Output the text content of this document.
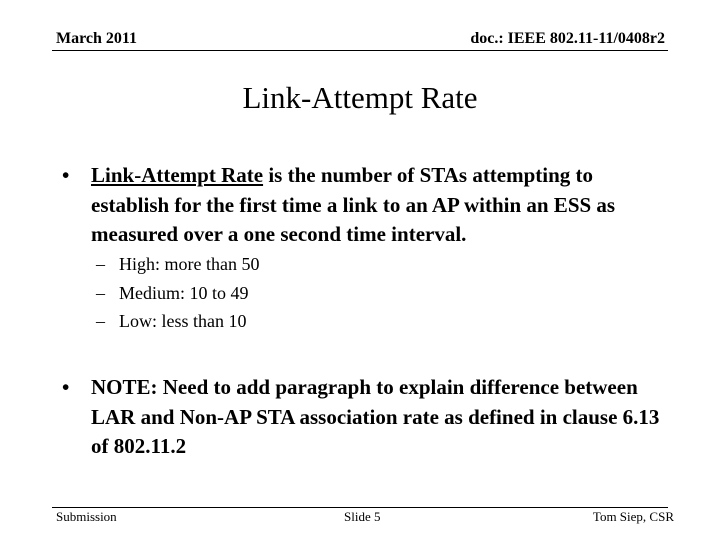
March 2011	doc.: IEEE 802.11-11/0408r2
Link-Attempt Rate
•	Link-Attempt Rate is the number of STAs attempting to establish for the first time a link to an AP within an ESS as measured over a one second time interval.
– High: more than 50
– Medium: 10 to 49
– Low: less than 10
•	NOTE: Need to add paragraph to explain difference between LAR and Non-AP STA association rate as defined in clause 6.13 of 802.11.2
Submission	Slide 5	Tom Siep, CSR
